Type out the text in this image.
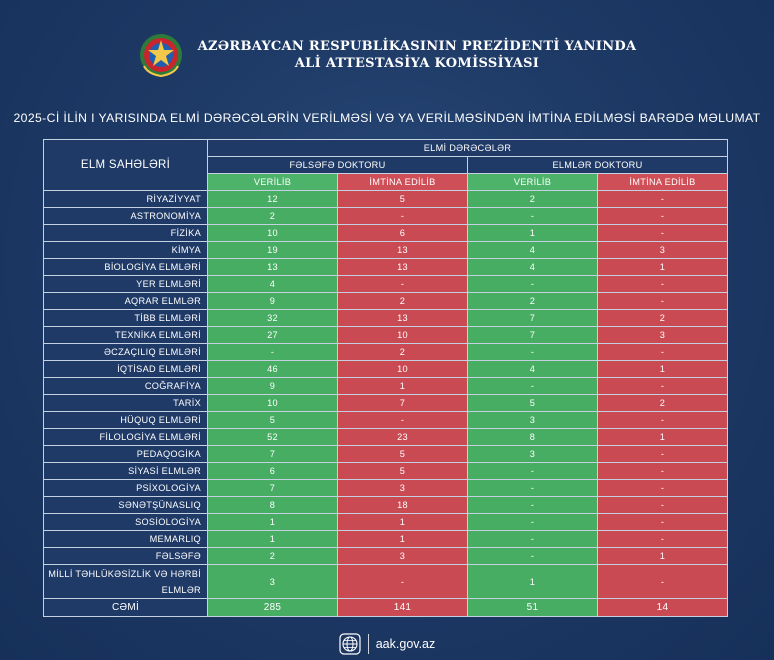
AZƏRBAYCAN RESPUBLİKASININ PREZİDENTİ YANINDA
ALİ ATTESTASİYA KOMİSSİYASI
2025-Cİ İLİN I YARISINDA ELMİ DƏRƏCƏLƏRİN VERİLMƏSİ VƏ YA VERİLMƏSİNDƏN İMTİNA EDİLMƏSİ BARƏDƏ MƏLUMAT
ELM SAHƏLƏRİ	ELMİ DƏRƏCƏLƏR			
	FƏLSƏFƏ DOKTORU		ELMLƏR DOKTORU	
	VERİLİB	İMTİNA EDİLİB	VERİLİB	İMTİNA EDİLİB
RİYAZİYYAT	12	5	2	-
ASTRONOMİYA	2	-	-	-
FİZİKA	10	6	1	-
KİMYA	19	13	4	3
BİOLOGİYA ELMLƏRİ	13	13	4	1
YER ELMLƏRİ	4	-	-	-
AQRAR ELMLƏR	9	2	2	-
TİBB ELMLƏRİ	32	13	7	2
TEXNİKA ELMLƏRİ	27	10	7	3
ƏCZAÇILIQ ELMLƏRİ	-	2	-	-
İQTİSAD ELMLƏRİ	46	10	4	1
COĞRAFİYA	9	1	-	-
TARİX	10	7	5	2
HÜQUQ ELMLƏRİ	5	-	3	-
FİLOLOGİYA ELMLƏRİ	52	23	8	1
PEDAQOGİKA	7	5	3	-
SİYASİ ELMLƏR	6	5	-	-
PSİXOLOGİYA	7	3	-	-
SƏNƏTŞÜNASLIQ	8	18	-	-
SOSİOLOGİYA	1	1	-	-
MEMARLIQ	1	1	-	-
FƏLSƏFƏ	2	3	-	1
MİLLİ TƏHLÜKƏSİZLİK VƏ HƏRBİ ELMLƏR	3	-	1	-
CƏMİ	285	141	51	14
aak.gov.az
